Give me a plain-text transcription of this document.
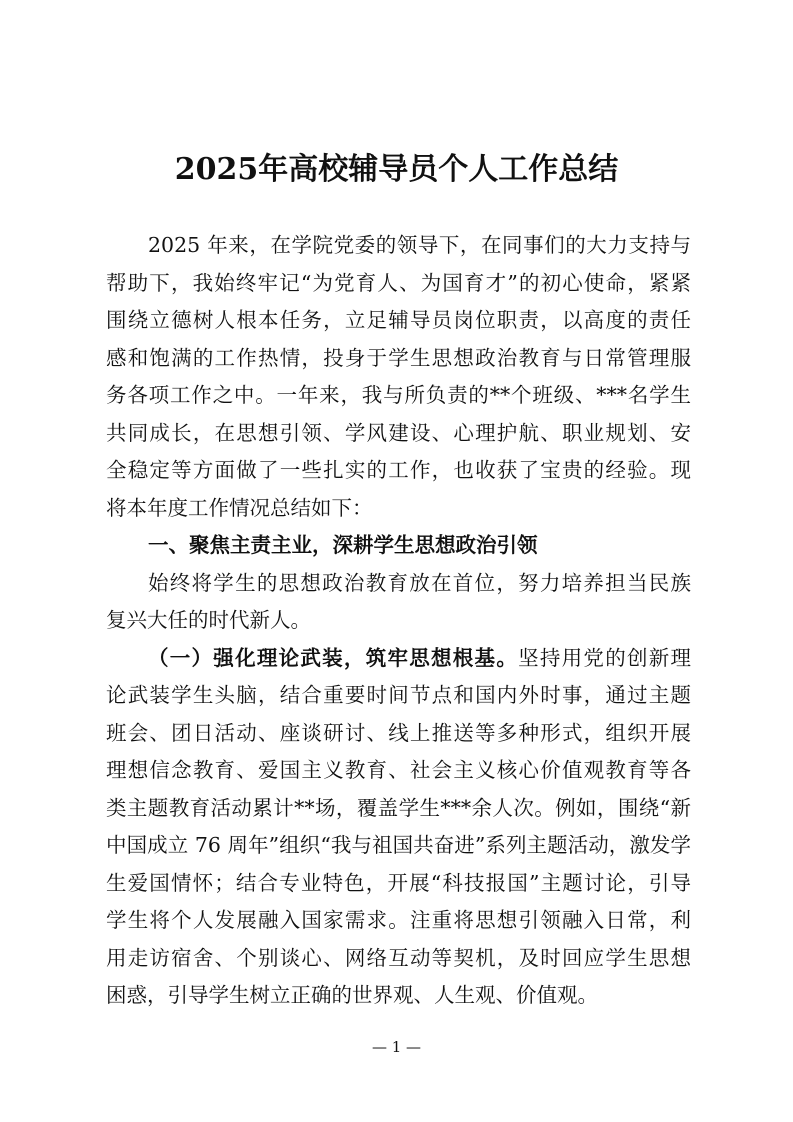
2025年高校辅导员个人工作总结
2025 年来，在学院党委的领导下，在同事们的大力支持与
帮助下，我始终牢记“为党育人、为国育才”的初心使命，紧紧
围绕立德树人根本任务，立足辅导员岗位职责，以高度的责任
感和饱满的工作热情，投身于学生思想政治教育与日常管理服
务各项工作之中。一年来，我与所负责的**个班级、***名学生
共同成长，在思想引领、学风建设、心理护航、职业规划、安
全稳定等方面做了一些扎实的工作，也收获了宝贵的经验。现
将本年度工作情况总结如下：
一、聚焦主责主业，深耕学生思想政治引领
始终将学生的思想政治教育放在首位，努力培养担当民族
复兴大任的时代新人。
（一）强化理论武装，筑牢思想根基。坚持用党的创新理
论武装学生头脑，结合重要时间节点和国内外时事，通过主题
班会、团日活动、座谈研讨、线上推送等多种形式，组织开展
理想信念教育、爱国主义教育、社会主义核心价值观教育等各
类主题教育活动累计**场，覆盖学生***余人次。例如，围绕“新
中国成立 76 周年”组织“我与祖国共奋进”系列主题活动，激发学
生爱国情怀；结合专业特色，开展“科技报国”主题讨论，引导
学生将个人发展融入国家需求。注重将思想引领融入日常，利
用走访宿舍、个别谈心、网络互动等契机，及时回应学生思想
困惑，引导学生树立正确的世界观、人生观、价值观。
— 1 —
